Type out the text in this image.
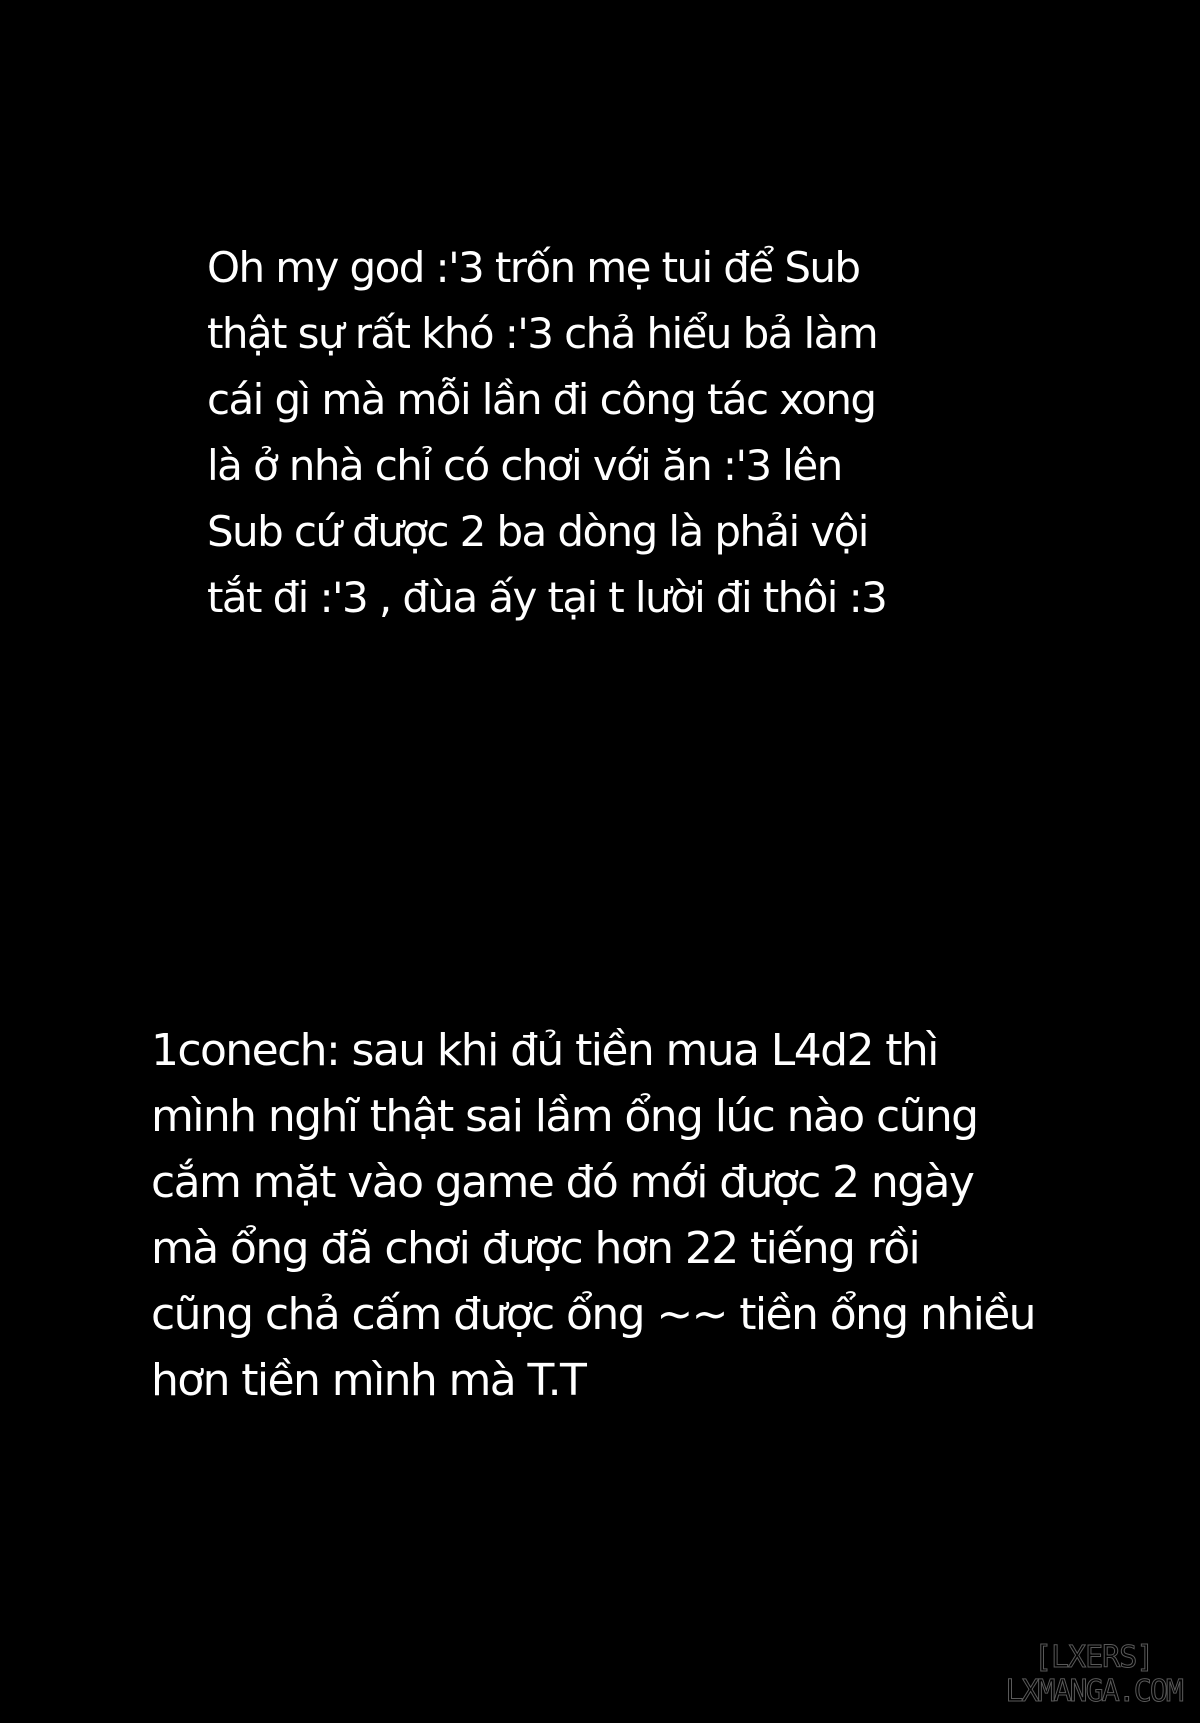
Oh my god :'3 trốn mẹ tui để Sub
thật sự rất khó :'3 chả hiểu bả làm
cái gì mà mỗi lần đi công tác xong
là ở nhà chỉ có chơi với ăn :'3 lên
Sub cứ được 2 ba dòng là phải vội
tắt đi :'3 , đùa ấy tại t lười đi thôi :3
1conech: sau khi đủ tiền mua L4d2 thì
mình nghĩ thật sai lầm ổng lúc nào cũng
cắm mặt vào game đó mới được 2 ngày
mà ổng đã chơi được hơn 22 tiếng rồi
cũng chả cấm được ổng ~~ tiền ổng nhiều
hơn tiền mình mà T.T
[LXERS]
LXMANGA.COM
